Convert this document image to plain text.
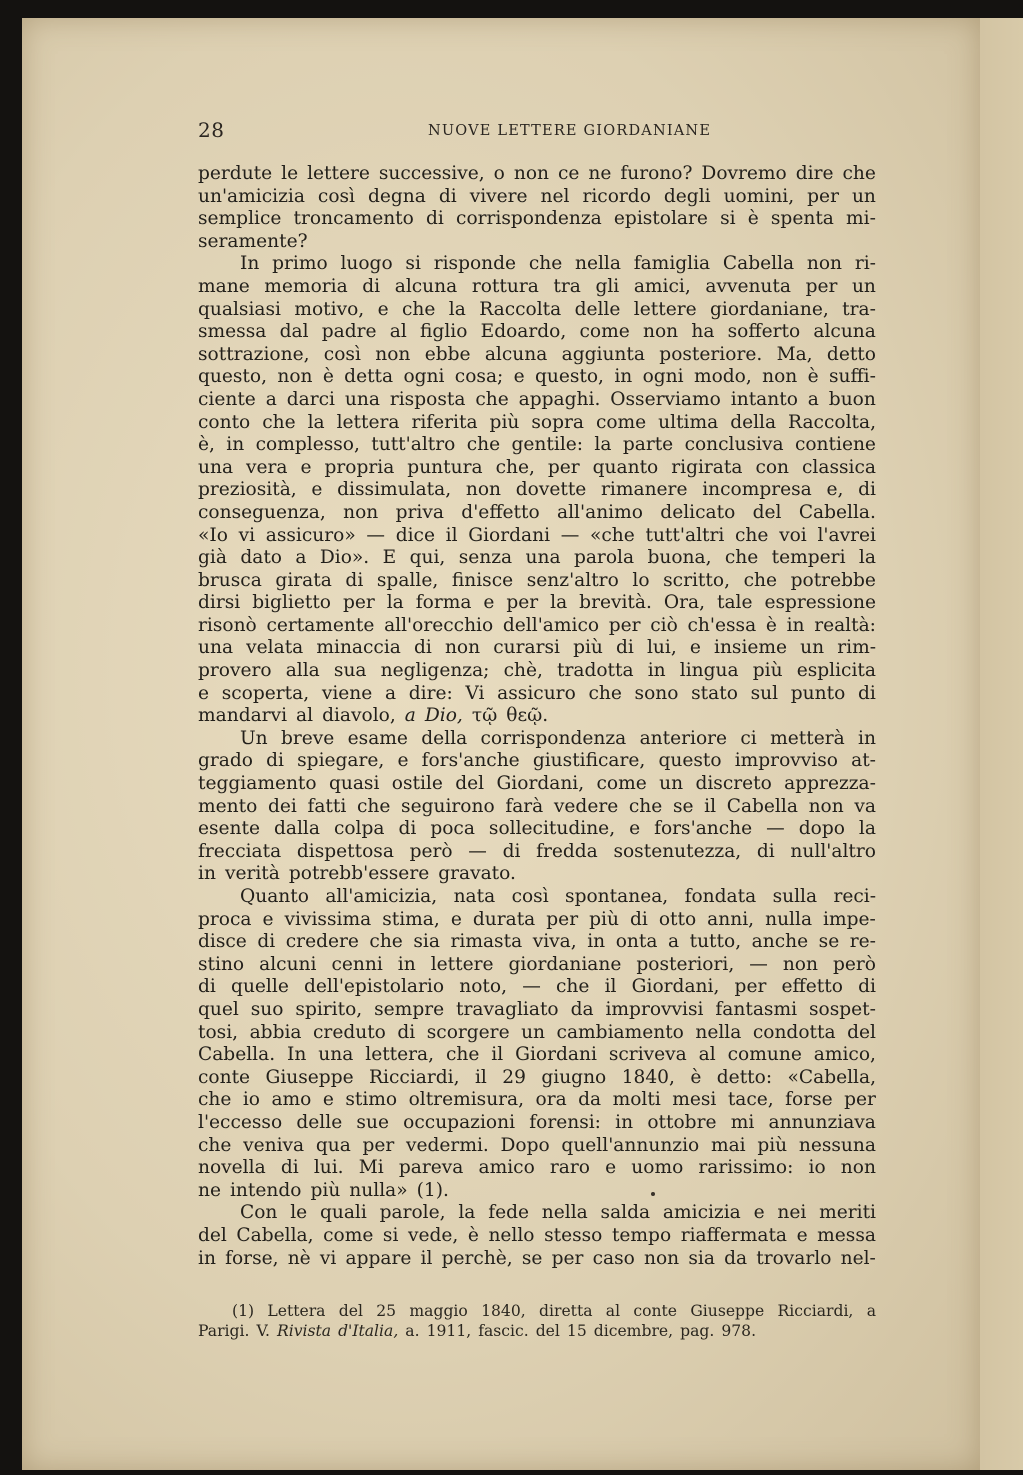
28	NUOVE LETTERE GIORDANIANE
perdute le lettere successive, o non ce ne furono? Dovremo dire che
un'amicizia così degna di vivere nel ricordo degli uomini, per un
semplice troncamento di corrispondenza epistolare si è spenta mi-
seramente?
In primo luogo si risponde che nella famiglia Cabella non ri-
mane memoria di alcuna rottura tra gli amici, avvenuta per un
qualsiasi motivo, e che la Raccolta delle lettere giordaniane, tra-
smessa dal padre al figlio Edoardo, come non ha sofferto alcuna
sottrazione, così non ebbe alcuna aggiunta posteriore. Ma, detto
questo, non è detta ogni cosa; e questo, in ogni modo, non è suffi-
ciente a darci una risposta che appaghi. Osserviamo intanto a buon
conto che la lettera riferita più sopra come ultima della Raccolta,
è, in complesso, tutt'altro che gentile: la parte conclusiva contiene
una vera e propria puntura che, per quanto rigirata con classica
preziosità, e dissimulata, non dovette rimanere incompresa e, di
conseguenza, non priva d'effetto all'animo delicato del Cabella.
«Io vi assicuro» — dice il Giordani — «che tutt'altri che voi l'avrei
già dato a Dio». E qui, senza una parola buona, che temperi la
brusca girata di spalle, finisce senz'altro lo scritto, che potrebbe
dirsi biglietto per la forma e per la brevità. Ora, tale espressione
risonò certamente all'orecchio dell'amico per ciò ch'essa è in realtà:
una velata minaccia di non curarsi più di lui, e insieme un rim-
provero alla sua negligenza; chè, tradotta in lingua più esplicita
e scoperta, viene a dire: Vi assicuro che sono stato sul punto di
mandarvi al diavolo, a Dio, τῷ θεῷ.
Un breve esame della corrispondenza anteriore ci metterà in
grado di spiegare, e fors'anche giustificare, questo improvviso at-
teggiamento quasi ostile del Giordani, come un discreto apprezza-
mento dei fatti che seguirono farà vedere che se il Cabella non va
esente dalla colpa di poca sollecitudine, e fors'anche — dopo la
frecciata dispettosa però — di fredda sostenutezza, di null'altro
in verità potrebb'essere gravato.
Quanto all'amicizia, nata così spontanea, fondata sulla reci-
proca e vivissima stima, e durata per più di otto anni, nulla impe-
disce di credere che sia rimasta viva, in onta a tutto, anche se re-
stino alcuni cenni in lettere giordaniane posteriori, — non però
di quelle dell'epistolario noto, — che il Giordani, per effetto di
quel suo spirito, sempre travagliato da improvvisi fantasmi sospet-
tosi, abbia creduto di scorgere un cambiamento nella condotta del
Cabella. In una lettera, che il Giordani scriveva al comune amico,
conte Giuseppe Ricciardi, il 29 giugno 1840, è detto: «Cabella,
che io amo e stimo oltremisura, ora da molti mesi tace, forse per
l'eccesso delle sue occupazioni forensi: in ottobre mi annunziava
che veniva qua per vedermi. Dopo quell'annunzio mai più nessuna
novella di lui. Mi pareva amico raro e uomo rarissimo: io non
ne intendo più nulla» (1).
Con le quali parole, la fede nella salda amicizia e nei meriti
del Cabella, come si vede, è nello stesso tempo riaffermata e messa
in forse, nè vi appare il perchè, se per caso non sia da trovarlo nel-
(1) Lettera del 25 maggio 1840, diretta al conte Giuseppe Ricciardi, a
Parigi. V. Rivista d'Italia, a. 1911, fascic. del 15 dicembre, pag. 978.
